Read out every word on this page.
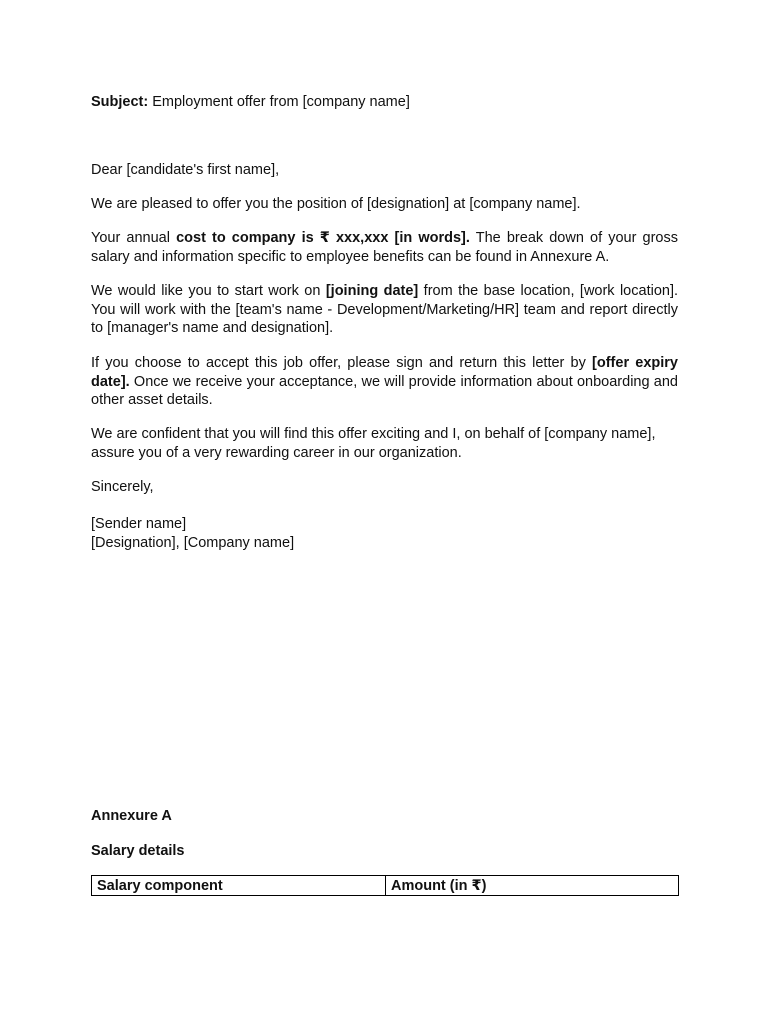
Subject: Employment offer from [company name]
Dear [candidate's first name],
We are pleased to offer you the position of [designation] at [company name].
Your annual cost to company is ₹ xxx,xxx [in words]. The break down of your gross salary and information specific to employee benefits can be found in Annexure A.
We would like you to start work on [joining date] from the base location, [work location]. You will work with the [team's name - Development/Marketing/HR] team and report directly to [manager's name and designation].
If you choose to accept this job offer, please sign and return this letter by [offer expiry date]. Once we receive your acceptance, we will provide information about onboarding and other asset details.
We are confident that you will find this offer exciting and I, on behalf of [company name], assure you of a very rewarding career in our organization.
Sincerely,
[Sender name]
[Designation], [Company name]
Annexure A
Salary details
Salary component	Amount (in ₹)
